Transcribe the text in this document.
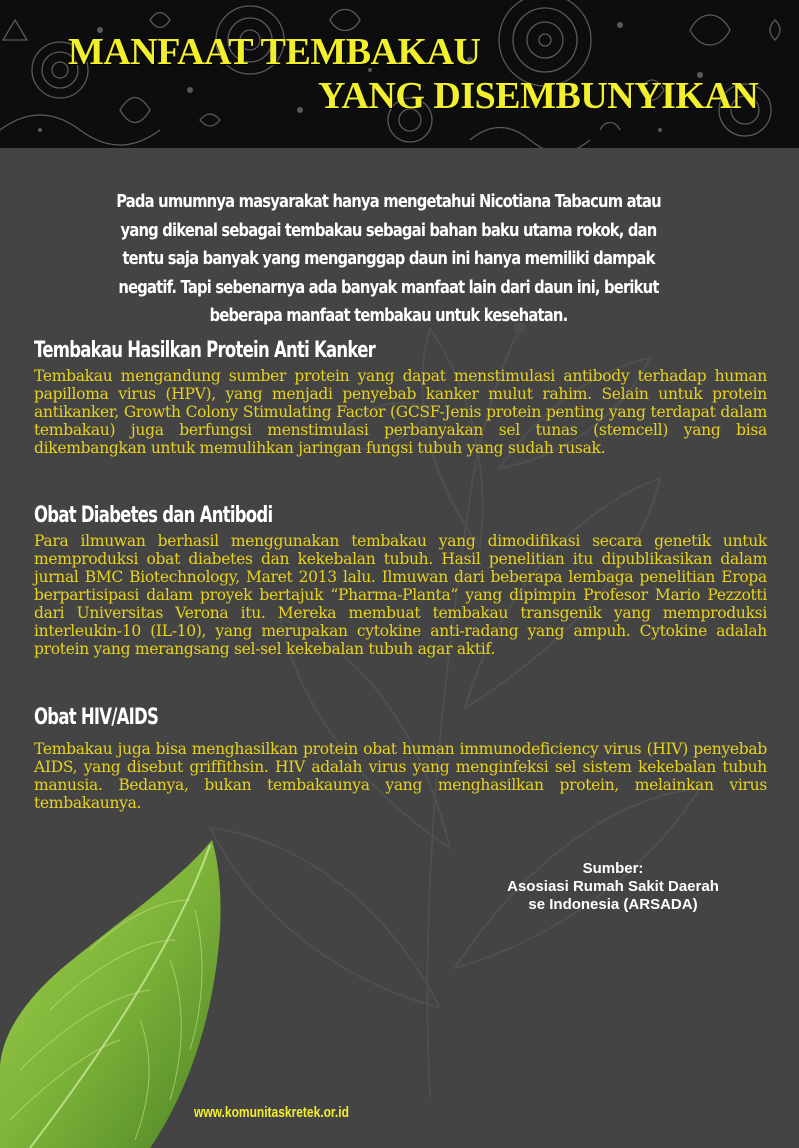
MANFAAT TEMBAKAU
YANG DISEMBUNYIKAN

Pada umumnya masyarakat hanya mengetahui Nicotiana Tabacum atau yang dikenal sebagai tembakau sebagai bahan baku utama rokok, dan tentu saja banyak yang menganggap daun ini hanya memiliki dampak negatif. Tapi sebenarnya ada banyak manfaat lain dari daun ini, berikut beberapa manfaat tembakau untuk kesehatan.

Tembakau Hasilkan Protein Anti Kanker

Tembakau mengandung sumber protein yang dapat menstimulasi antibody terhadap human papilloma virus (HPV), yang menjadi penyebab kanker mulut rahim. Selain untuk protein antikanker, Growth Colony Stimulating Factor (GCSF-Jenis protein penting yang terdapat dalam tembakau) juga berfungsi menstimulasi perbanyakan sel tunas (stemcell) yang bisa dikembangkan untuk memulihkan jaringan fungsi tubuh yang sudah rusak.

Obat Diabetes dan Antibodi

Para ilmuwan berhasil menggunakan tembakau yang dimodifikasi secara genetik untuk memproduksi obat diabetes dan kekebalan tubuh. Hasil penelitian itu dipublikasikan dalam jurnal BMC Biotechnology, Maret 2013 lalu. Ilmuwan dari beberapa lembaga penelitian Eropa berpartisipasi dalam proyek bertajuk “Pharma-Planta” yang dipimpin Profesor Mario Pezzotti dari Universitas Verona itu. Mereka membuat tembakau transgenik yang memproduksi interleukin-10 (IL-10), yang merupakan cytokine anti-radang yang ampuh. Cytokine adalah protein yang merangsang sel-sel kekebalan tubuh agar aktif.

Obat HIV/AIDS

Tembakau juga bisa menghasilkan protein obat human immunodeficiency virus (HIV) penyebab AIDS, yang disebut griffithsin. HIV adalah virus yang menginfeksi sel sistem kekebalan tubuh manusia. Bedanya, bukan tembakaunya yang menghasilkan protein, melainkan virus tembakaunya.

Sumber:
Asosiasi Rumah Sakit Daerah
se Indonesia (ARSADA)
www.komunitaskretek.or.id
